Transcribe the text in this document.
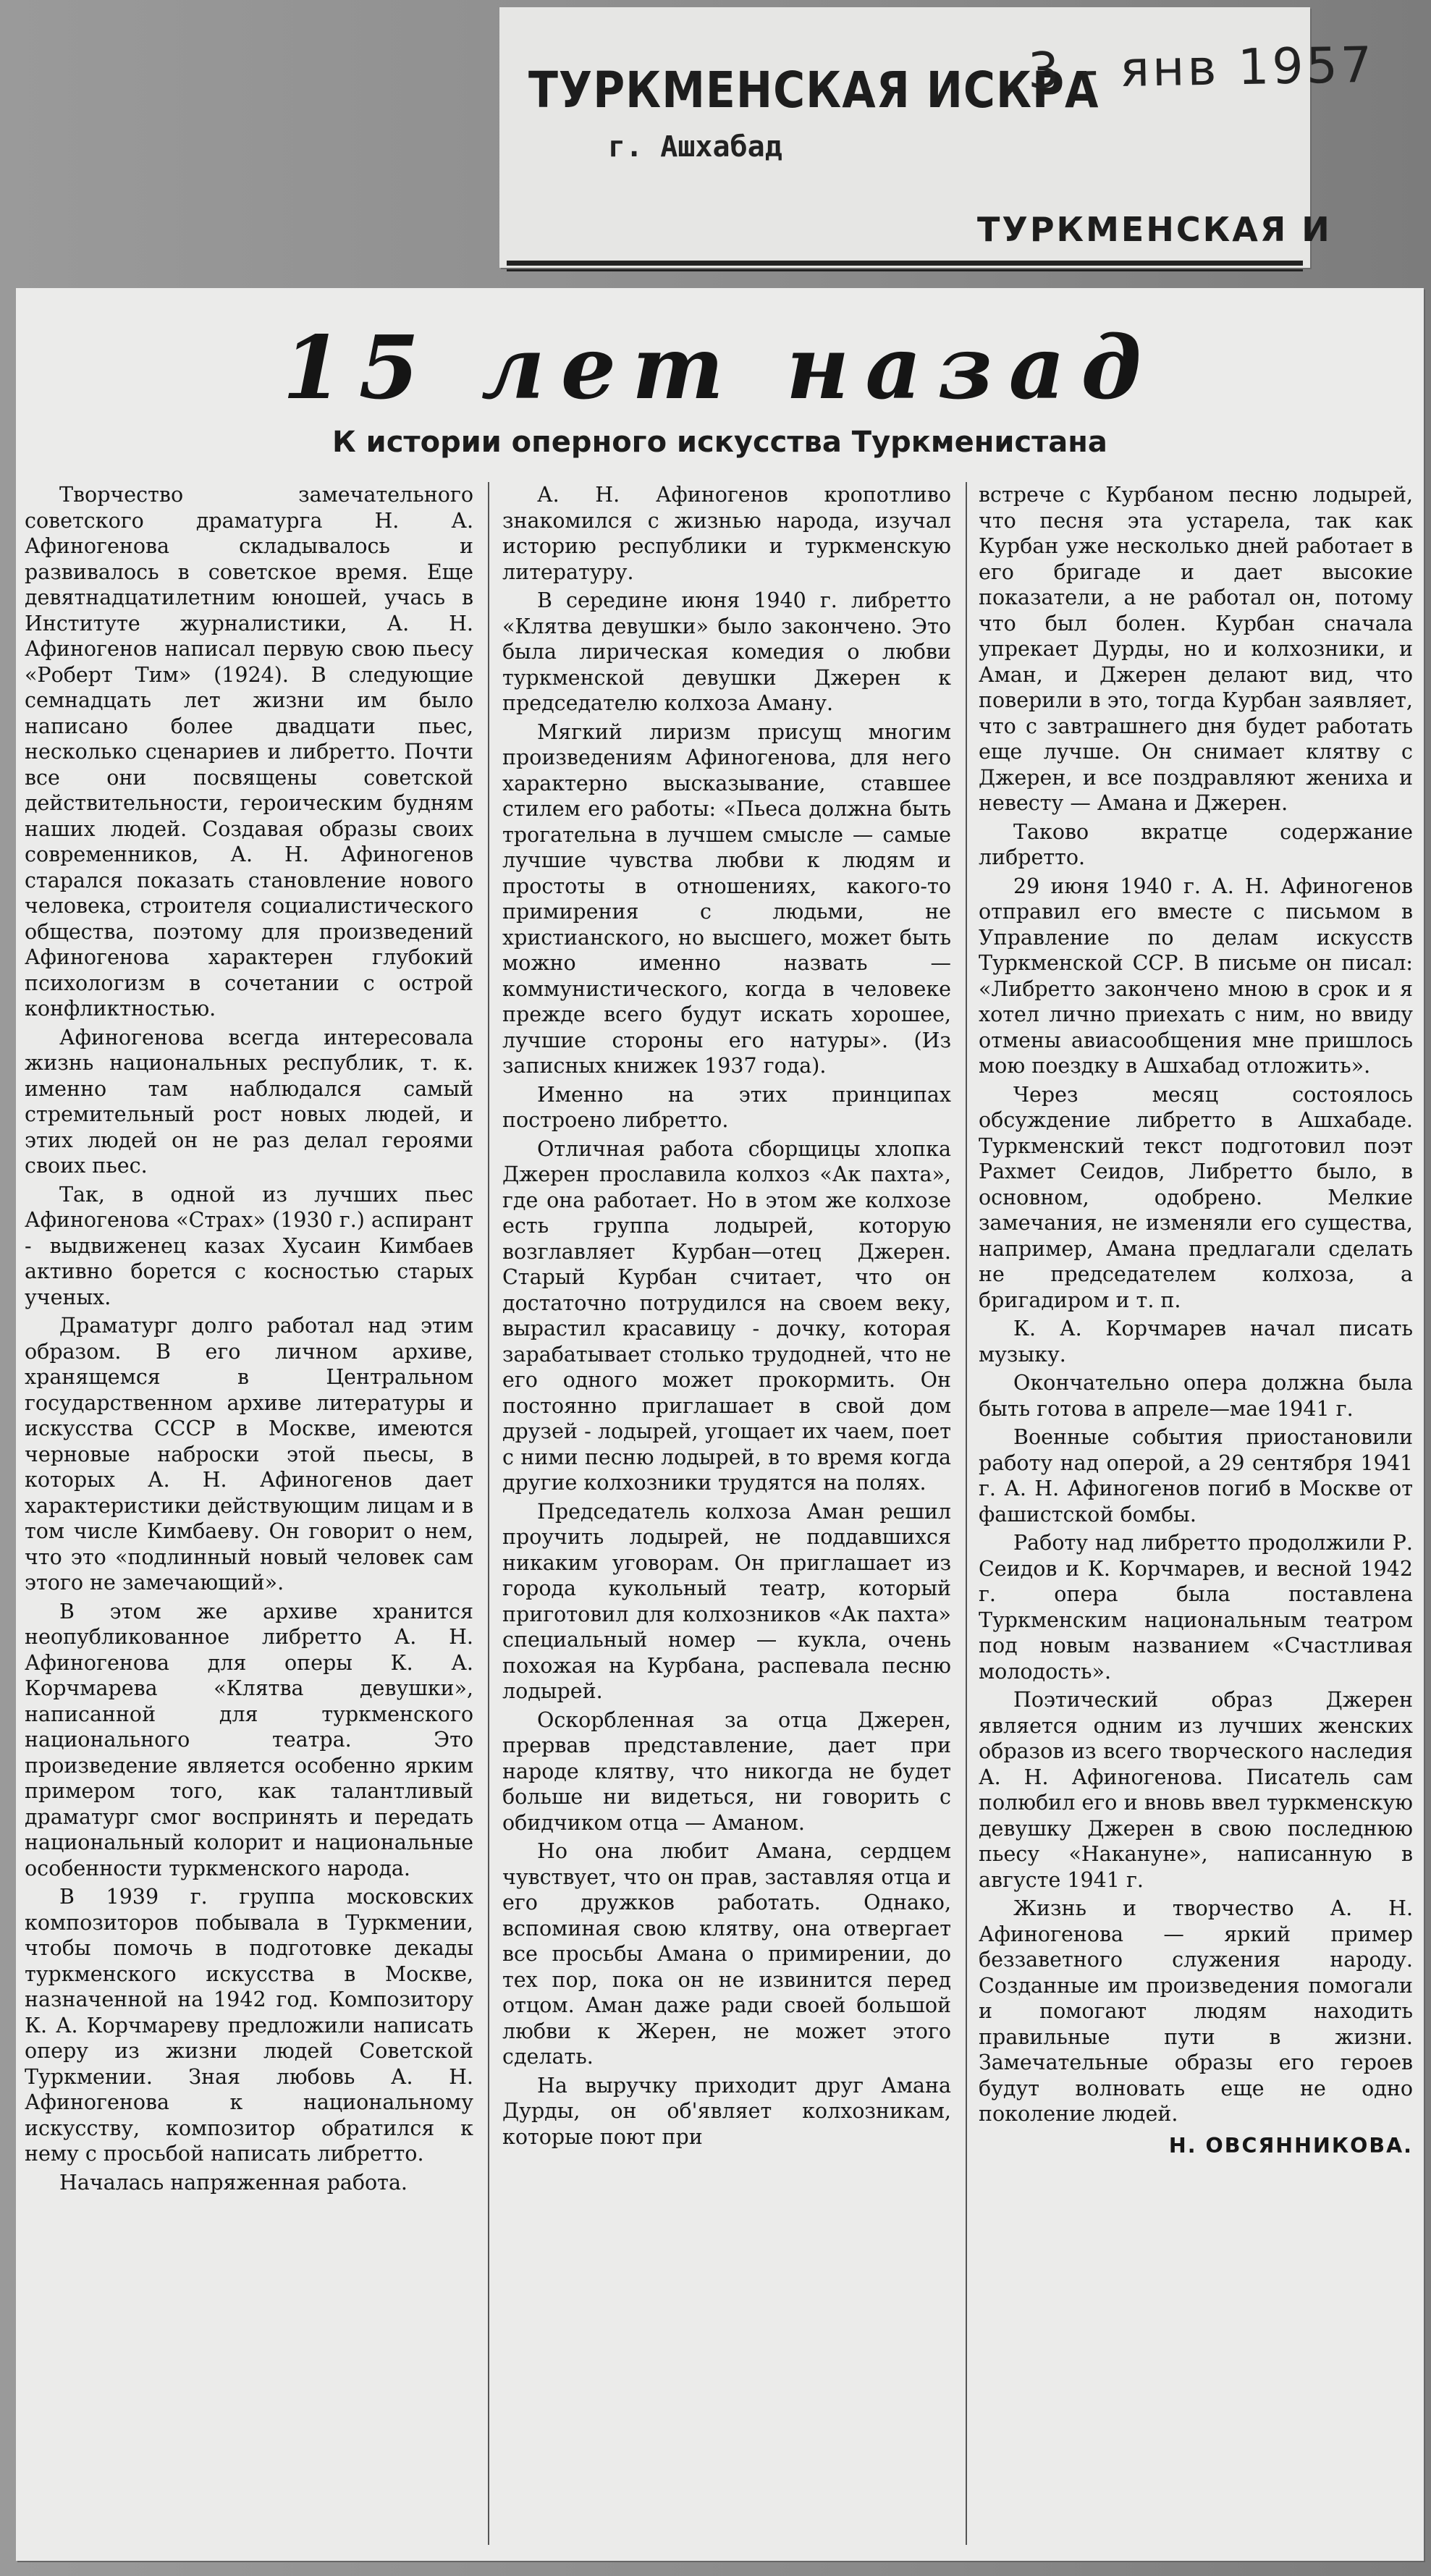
ТУРКМЕНСКАЯ ИСКРА
г. Ашхабад
3 - янв 1957
ТУРКМЕНСКАЯ И
15 лет назад
К истории оперного искусства Туркменистана

Творчество замечательного советского драматурга Н. А. Афиногенова складывалось и развивалось в советское время. Еще девятнадцатилетним юношей, учась в Институте журналистики, А. Н. Афиногенов написал первую свою пьесу «Роберт Тим» (1924). В следующие семнадцать лет жизни им было написано более двадцати пьес, несколько сценариев и либретто. Почти все они посвящены советской действительности, героическим будням наших людей. Создавая образы своих современников, А. Н. Афиногенов старался показать становление нового человека, строителя социалистического общества, поэтому для произведений Афиногенова характерен глубокий психологизм в сочетании с острой конфликтностью.

Афиногенова всегда интересовала жизнь национальных республик, т. к. именно там наблюдался самый стремительный рост новых людей, и этих людей он не раз делал героями своих пьес.

Так, в одной из лучших пьес Афиногенова «Страх» (1930 г.) аспирант - выдвиженец казах Хусаин Кимбаев активно борется с косностью старых ученых.

Драматург долго работал над этим образом. В его личном архиве, хранящемся в Центральном государственном архиве литературы и искусства СССР в Москве, имеются черновые наброски этой пьесы, в которых А. Н. Афиногенов дает характеристики действующим лицам и в том числе Кимбаеву. Он говорит о нем, что это «подлинный новый человек сам этого не замечающий».

В этом же архиве хранится неопубликованное либретто А. Н. Афиногенова для оперы К. А. Корчмарева «Клятва девушки», написанной для туркменского национального театра. Это произведение является особенно ярким примером того, как талантливый драматург смог воспринять и передать национальный колорит и национальные особенности туркменского народа.

В 1939 г. группа московских композиторов побывала в Туркмении, чтобы помочь в подготовке декады туркменского искусства в Москве, назначенной на 1942 год. Композитору К. А. Корчмареву предложили написать оперу из жизни людей Советской Туркмении. Зная любовь А. Н. Афиногенова к национальному искусству, композитор обратился к нему с просьбой написать либретто.

Началась напряженная работа.

А. Н. Афиногенов кропотливо знакомился с жизнью народа, изучал историю республики и туркменскую литературу.

В середине июня 1940 г. либретто «Клятва девушки» было закончено. Это была лирическая комедия о любви туркменской девушки Джерен к председателю колхоза Аману.

Мягкий лиризм присущ многим произведениям Афиногенова, для него характерно высказывание, ставшее стилем его работы: «Пьеса должна быть трогательна в лучшем смысле — самые лучшие чувства любви к людям и простоты в отношениях, какого-то примирения с людьми, не христианского, но высшего, может быть можно именно назвать — коммунистического, когда в человеке прежде всего будут искать хорошее, лучшие стороны его натуры». (Из записных книжек 1937 года).

Именно на этих принципах построено либретто.

Отличная работа сборщицы хлопка Джерен прославила колхоз «Ак пахта», где она работает. Но в этом же колхозе есть группа лодырей, которую возглавляет Курбан—отец Джерен. Старый Курбан считает, что он достаточно потрудился на своем веку, вырастил красавицу - дочку, которая зарабатывает столько трудодней, что не его одного может прокормить. Он постоянно приглашает в свой дом друзей - лодырей, угощает их чаем, поет с ними песню лодырей, в то время когда другие колхозники трудятся на полях.

Председатель колхоза Аман решил проучить лодырей, не поддавшихся никаким уговорам. Он приглашает из города кукольный театр, который приготовил для колхозников «Ак пахта» специальный номер — кукла, очень похожая на Курбана, распевала песню лодырей.

Оскорбленная за отца Джерен, прервав представление, дает при народе клятву, что никогда не будет больше ни видеться, ни говорить с обидчиком отца — Аманом.

Но она любит Амана, сердцем чувствует, что он прав, заставляя отца и его дружков работать. Однако, вспоминая свою клятву, она отвергает все просьбы Амана о примирении, до тех пор, пока он не извинится перед отцом. Аман даже ради своей большой любви к Жерен, не может этого сделать.

На выручку приходит друг Амана Дурды, он об'являет колхозникам, которые поют при

встрече с Курбаном песню лодырей, что песня эта устарела, так как Курбан уже несколько дней работает в его бригаде и дает высокие показатели, а не работал он, потому что был болен. Курбан сначала упрекает Дурды, но и колхозники, и Аман, и Джерен делают вид, что поверили в это, тогда Курбан заявляет, что с завтрашнего дня будет работать еще лучше. Он снимает клятву с Джерен, и все поздравляют жениха и невесту — Амана и Джерен.

Таково вкратце содержание либретто.

29 июня 1940 г. А. Н. Афиногенов отправил его вместе с письмом в Управление по делам искусств Туркменской ССР. В письме он писал: «Либретто закончено мною в срок и я хотел лично приехать с ним, но ввиду отмены авиасообщения мне пришлось мою поездку в Ашхабад отложить».

Через месяц состоялось обсуждение либретто в Ашхабаде. Туркменский текст подготовил поэт Рахмет Сеидов, Либретто было, в основном, одобрено. Мелкие замечания, не изменяли его существа, например, Амана предлагали сделать не председателем колхоза, а бригадиром и т. п.

К. А. Корчмарев начал писать музыку.

Окончательно опера должна была быть готова в апреле—мае 1941 г.

Военные события приостановили работу над оперой, а 29 сентября 1941 г. А. Н. Афиногенов погиб в Москве от фашистской бомбы.

Работу над либретто продолжили Р. Сеидов и К. Корчмарев, и весной 1942 г. опера была поставлена Туркменским национальным театром под новым названием «Счастливая молодость».

Поэтический образ Джерен является одним из лучших женских образов из всего творческого наследия А. Н. Афиногенова. Писатель сам полюбил его и вновь ввел туркменскую девушку Джерен в свою последнюю пьесу «Накануне», написанную в августе 1941 г.

Жизнь и творчество А. Н. Афиногенова — яркий пример беззаветного служения народу. Созданные им произведения помогали и помогают людям находить правильные пути в жизни. Замечательные образы его героев будут волновать еще не одно поколение людей.

Н. ОВСЯННИКОВА.
